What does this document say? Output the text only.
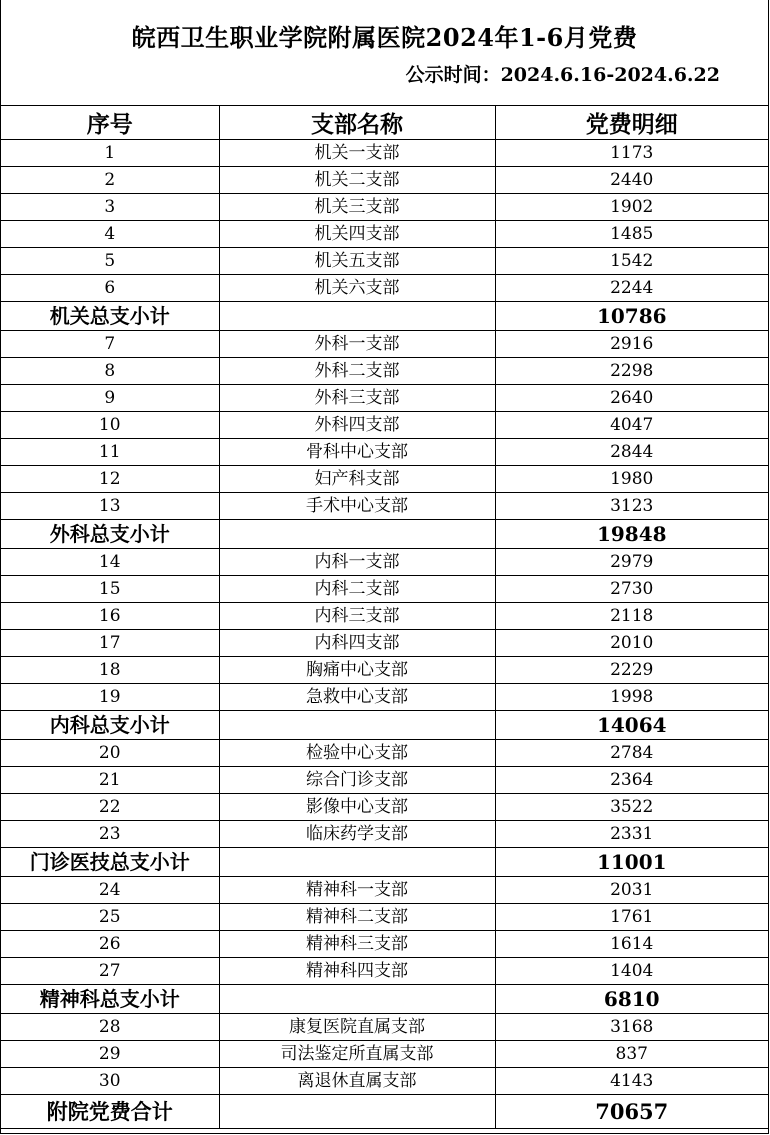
皖西卫生职业学院附属医院2024年1-6月党费
公示时间：2024.6.16-2024.6.22
序号	支部名称	党费明细
1	机关一支部	1173
2	机关二支部	2440
3	机关三支部	1902
4	机关四支部	1485
5	机关五支部	1542
6	机关六支部	2244
机关总支小计		10786
7	外科一支部	2916
8	外科二支部	2298
9	外科三支部	2640
10	外科四支部	4047
11	骨科中心支部	2844
12	妇产科支部	1980
13	手术中心支部	3123
外科总支小计		19848
14	内科一支部	2979
15	内科二支部	2730
16	内科三支部	2118
17	内科四支部	2010
18	胸痛中心支部	2229
19	急救中心支部	1998
内科总支小计		14064
20	检验中心支部	2784
21	综合门诊支部	2364
22	影像中心支部	3522
23	临床药学支部	2331
门诊医技总支小计		11001
24	精神科一支部	2031
25	精神科二支部	1761
26	精神科三支部	1614
27	精神科四支部	1404
精神科总支小计		6810
28	康复医院直属支部	3168
29	司法鉴定所直属支部	837
30	离退休直属支部	4143
附院党费合计		70657
